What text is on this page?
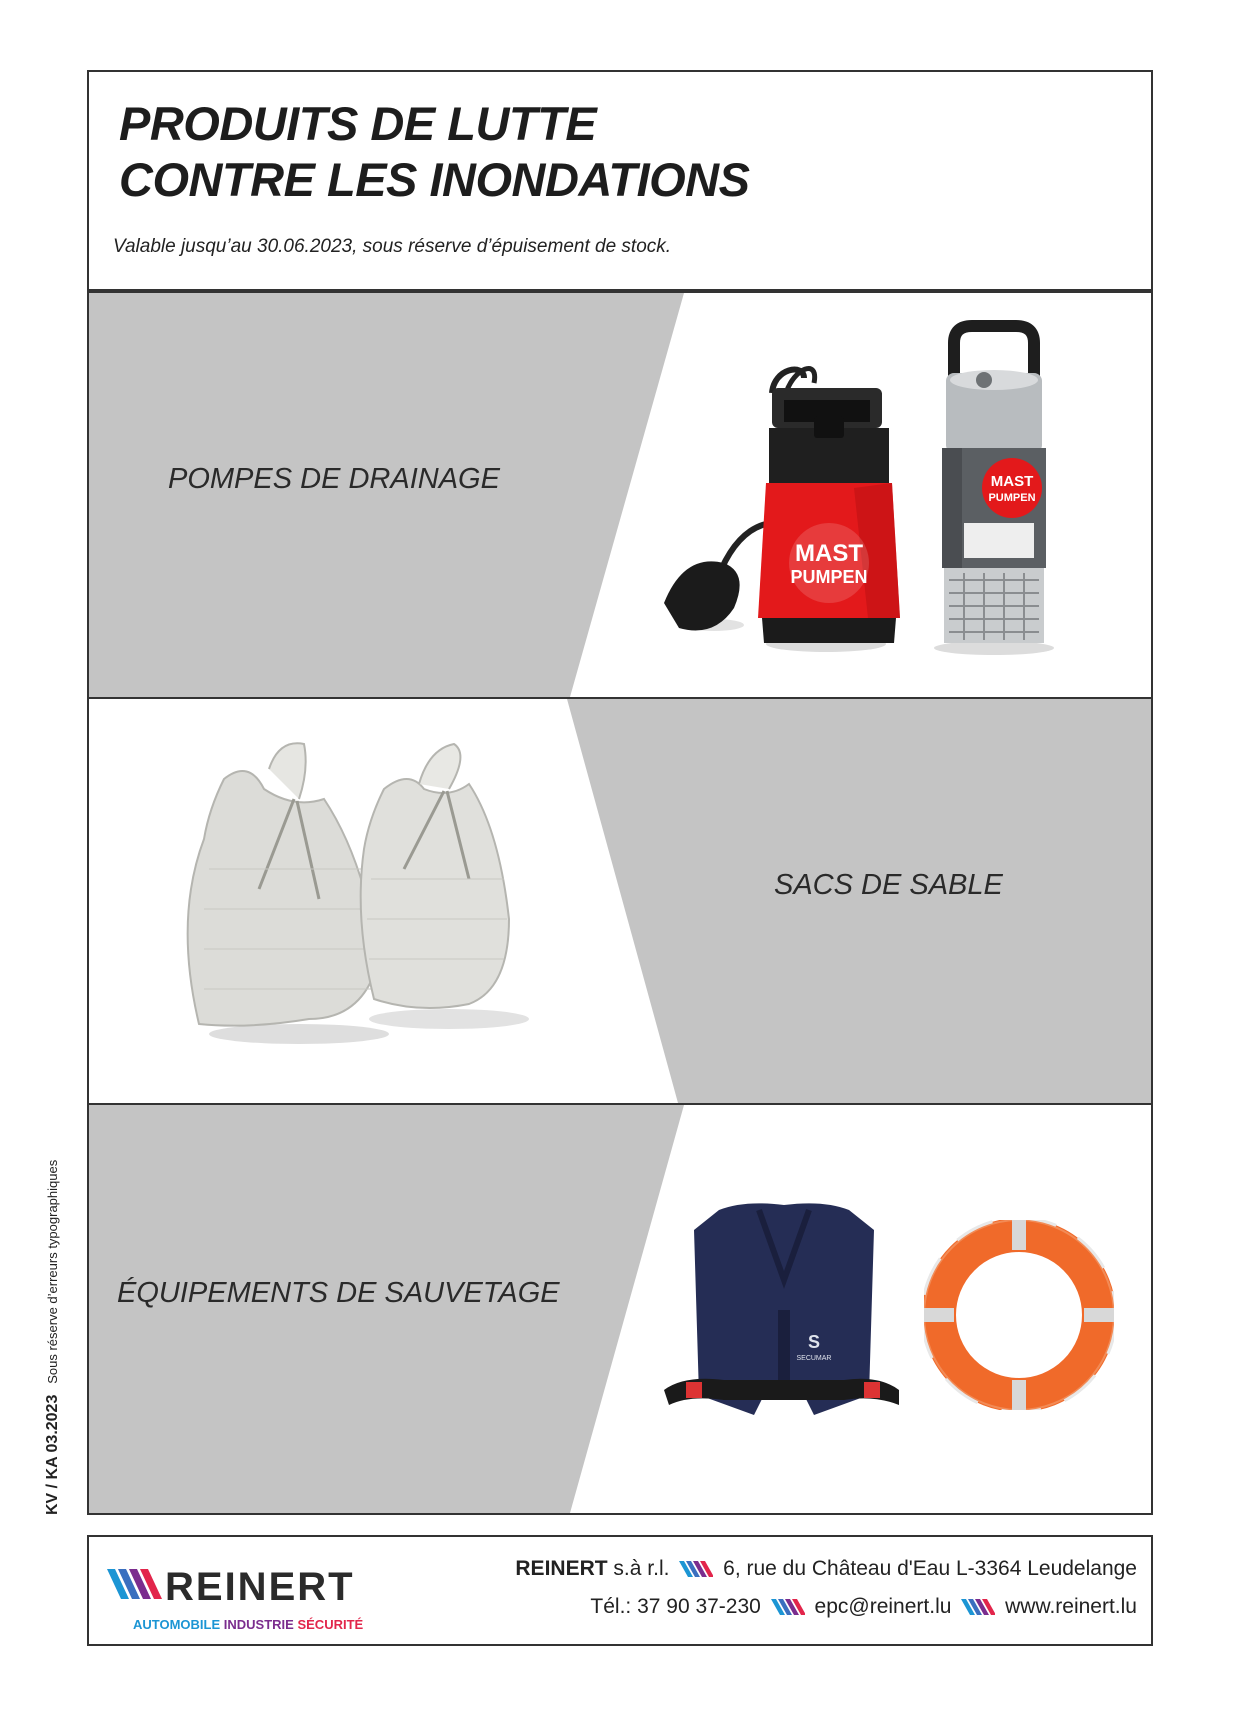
PRODUITS DE LUTTE
CONTRE LES INONDATIONS
Valable jusqu’au 30.06.2023, sous réserve d’épuisement de stock.
POMPES DE DRAINAGE
MAST
PUMPEN
MAST
PUMPEN
SACS DE SABLE
ÉQUIPEMENTS DE SAUVETAGE
S
SECUMAR
KV / KA 03.2023   Sous réserve d’erreurs typographiques
REINERT
AUTOMOBILE INDUSTRIE SÉCURITÉ
REINERT s.à r.l.	6, rue du Château d'Eau L-3364 Leudelange
Tél.: 37 90 37-230	epc@reinert.lu	www.reinert.lu
